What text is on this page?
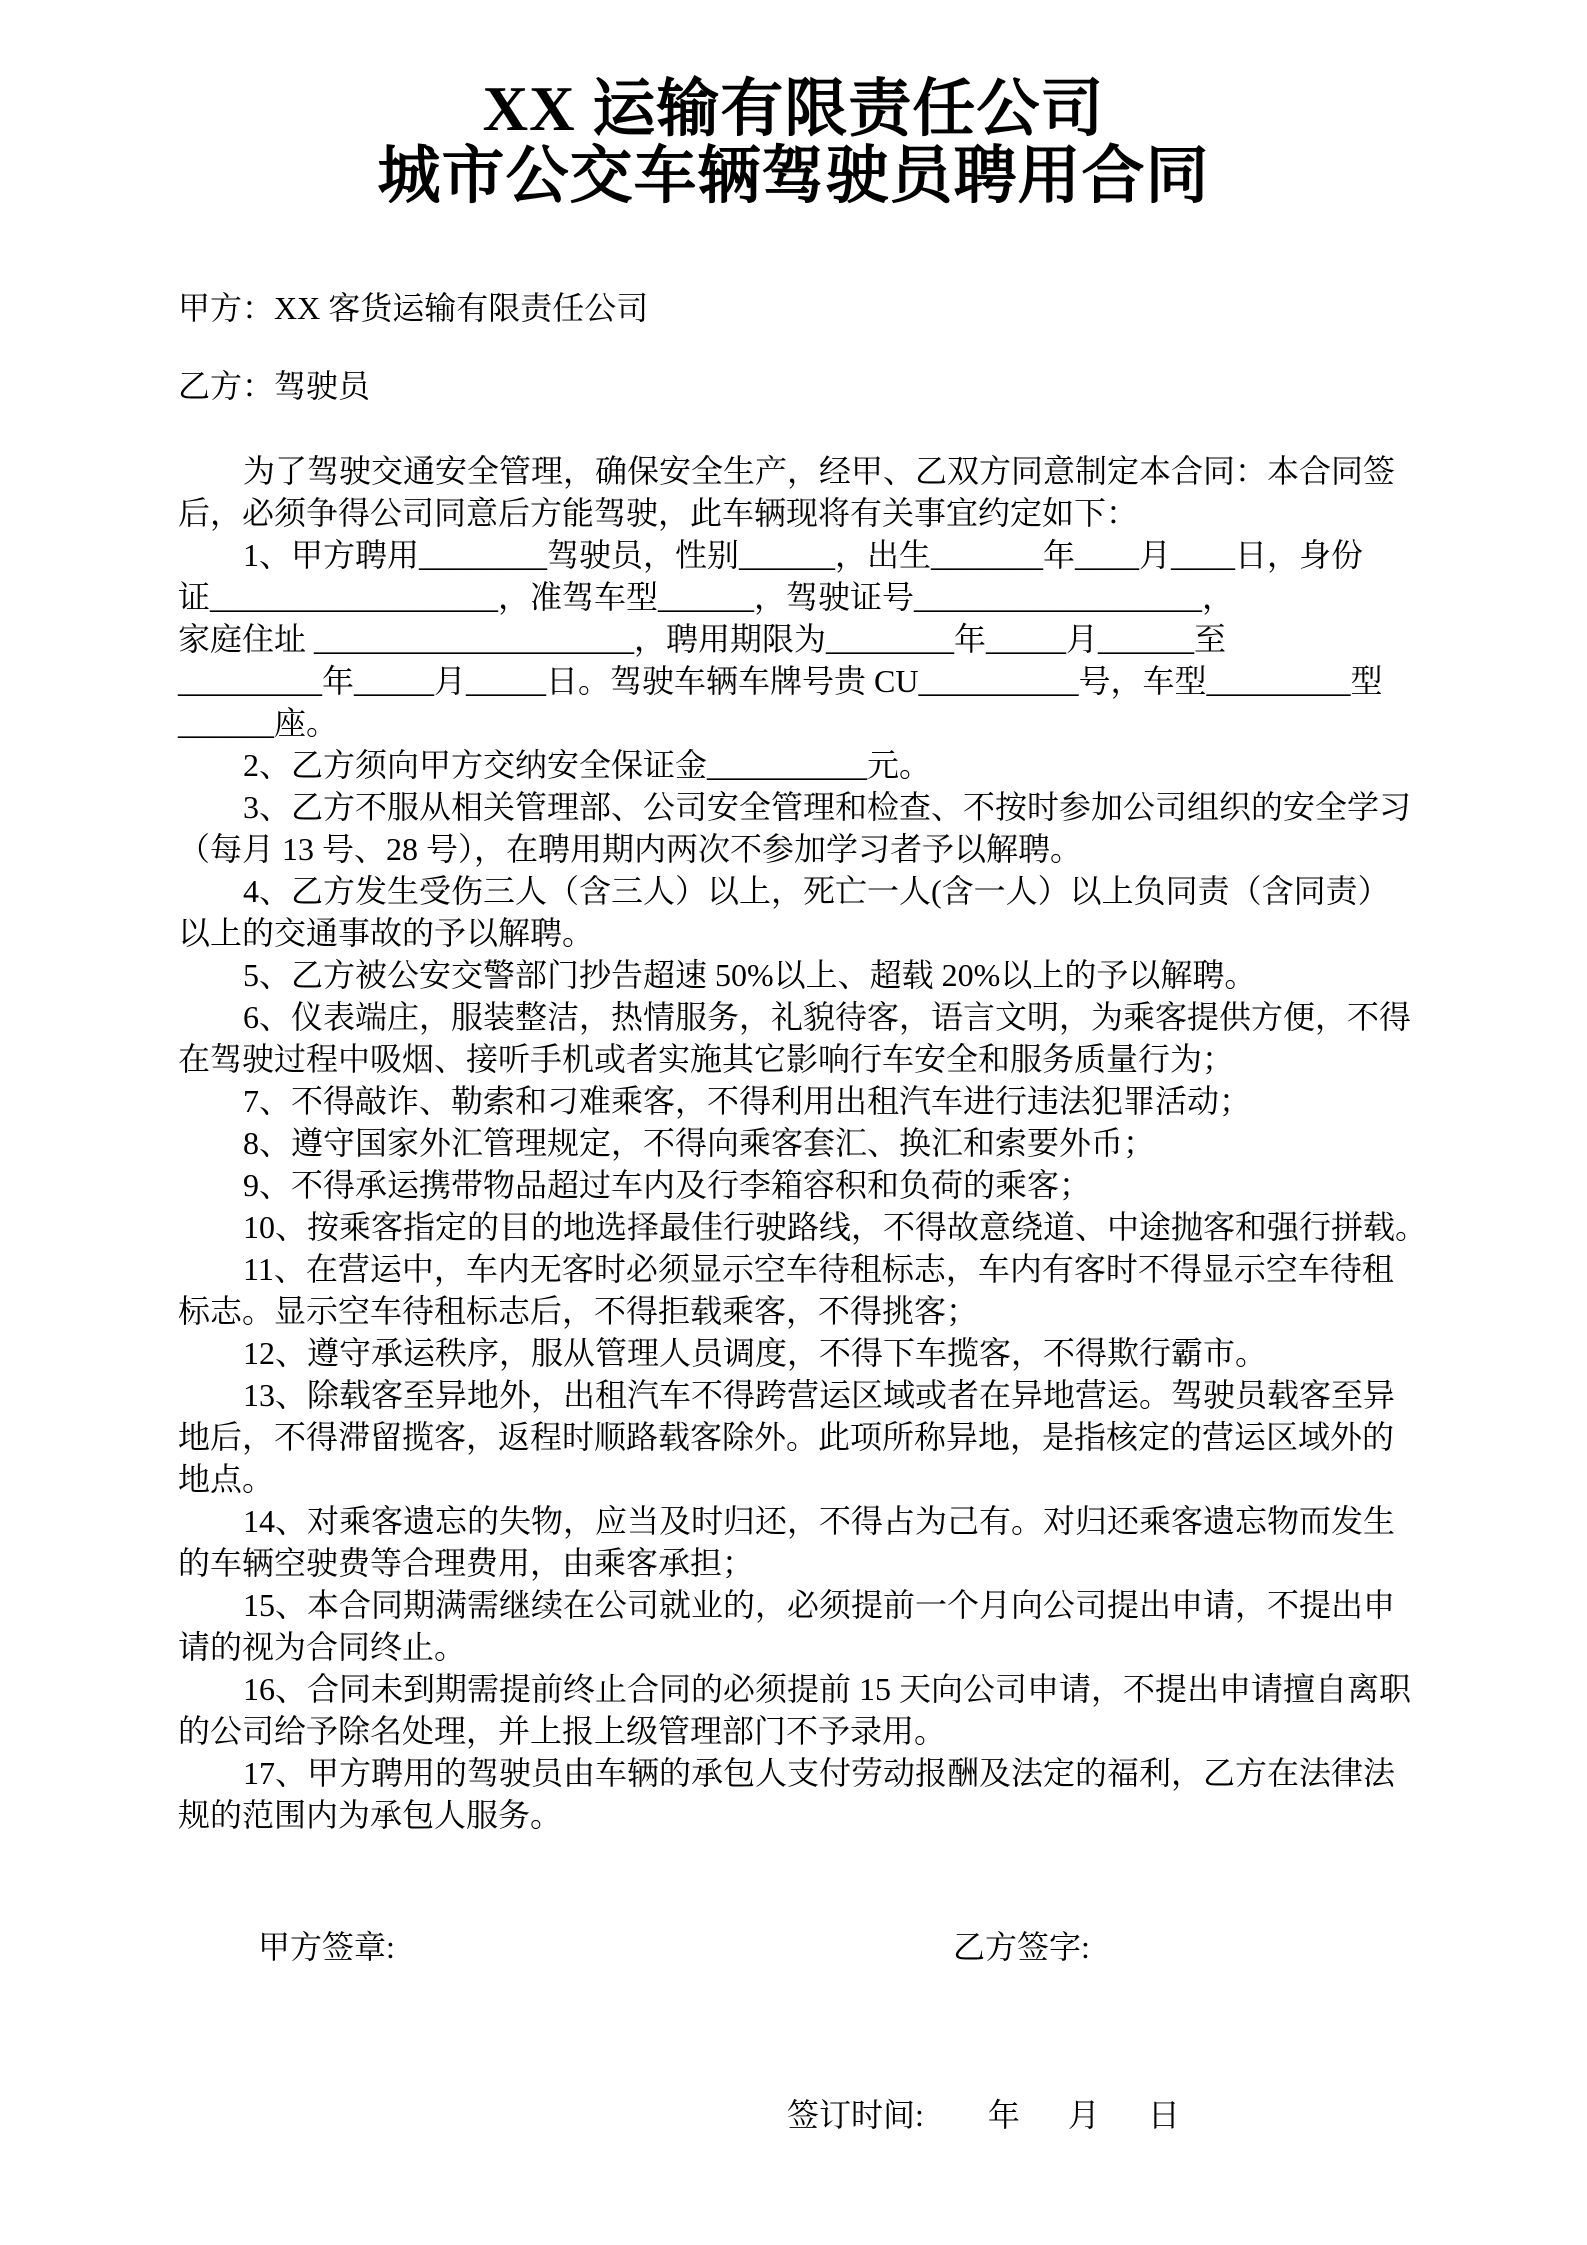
XX 运输有限责任公司
城市公交车辆驾驶员聘用合同
甲方：XX 客货运输有限责任公司
乙方：驾驶员
为了驾驶交通安全管理，确保安全生产，经甲、乙双方同意制定本合同：本合同签
后，必须争得公司同意后方能驾驶，此车辆现将有关事宜约定如下：
1、甲方聘用________驾驶员，性别______，出生_______年____月____日，身份
证__________________，准驾车型______，驾驶证号__________________，
家庭住址 ____________________，聘用期限为________年_____月______至
_________年_____月_____日。驾驶车辆车牌号贵 CU__________号，车型_________型
______座。
2、乙方须向甲方交纳安全保证金__________元。
3、乙方不服从相关管理部、公司安全管理和检查、不按时参加公司组织的安全学习
（每月 13 号、28 号），在聘用期内两次不参加学习者予以解聘。
4、乙方发生受伤三人（含三人）以上，死亡一人(含一人）以上负同责（含同责）
以上的交通事故的予以解聘。
5、乙方被公安交警部门抄告超速 50%以上、超载 20%以上的予以解聘。
6、仪表端庄，服装整洁，热情服务，礼貌待客，语言文明，为乘客提供方便，不得
在驾驶过程中吸烟、接听手机或者实施其它影响行车安全和服务质量行为；
7、不得敲诈、勒索和刁难乘客，不得利用出租汽车进行违法犯罪活动；
8、遵守国家外汇管理规定，不得向乘客套汇、换汇和索要外币；
9、不得承运携带物品超过车内及行李箱容积和负荷的乘客；
10、按乘客指定的目的地选择最佳行驶路线，不得故意绕道、中途抛客和强行拼载。
11、在营运中，车内无客时必须显示空车待租标志，车内有客时不得显示空车待租
标志。显示空车待租标志后，不得拒载乘客，不得挑客；
12、遵守承运秩序，服从管理人员调度，不得下车揽客，不得欺行霸市。
13、除载客至异地外，出租汽车不得跨营运区域或者在异地营运。驾驶员载客至异
地后，不得滞留揽客，返程时顺路载客除外。此项所称异地，是指核定的营运区域外的
地点。
14、对乘客遗忘的失物，应当及时归还，不得占为己有。对归还乘客遗忘物而发生
的车辆空驶费等合理费用，由乘客承担；
15、本合同期满需继续在公司就业的，必须提前一个月向公司提出申请，不提出申
请的视为合同终止。
16、合同未到期需提前终止合同的必须提前 15 天向公司申请，不提出申请擅自离职
的公司给予除名处理，并上报上级管理部门不予录用。
17、甲方聘用的驾驶员由车辆的承包人支付劳动报酬及法定的福利，乙方在法律法
规的范围内为承包人服务。
甲方签章:	乙方签字:
签订时间:        年      月      日
